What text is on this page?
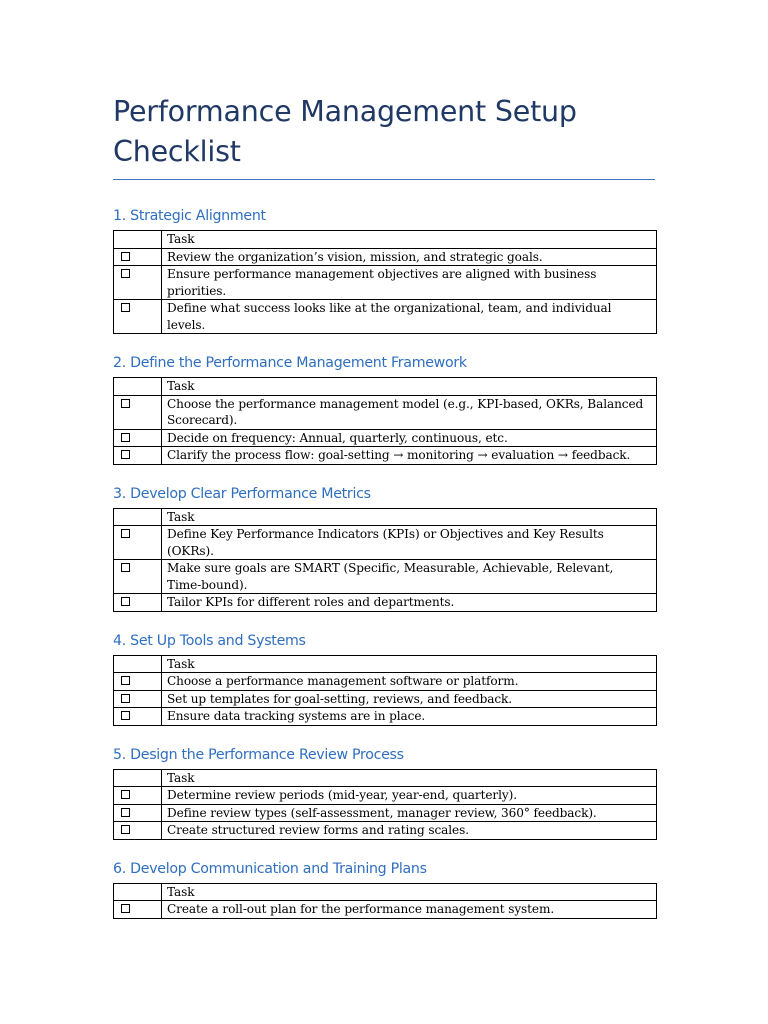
Performance Management Setup Checklist
1. Strategic Alignment
	Task
	Review the organization’s vision, mission, and strategic goals.
	Ensure performance management objectives are aligned with business priorities.
	Define what success looks like at the organizational, team, and individual levels.
2. Define the Performance Management Framework
	Task
	Choose the performance management model (e.g., KPI-based, OKRs, Balanced Scorecard).
	Decide on frequency: Annual, quarterly, continuous, etc.
	Clarify the process flow: goal-setting → monitoring → evaluation → feedback.
3. Develop Clear Performance Metrics
	Task
	Define Key Performance Indicators (KPIs) or Objectives and Key Results (OKRs).
	Make sure goals are SMART (Specific, Measurable, Achievable, Relevant, Time-bound).
	Tailor KPIs for different roles and departments.
4. Set Up Tools and Systems
	Task
	Choose a performance management software or platform.
	Set up templates for goal-setting, reviews, and feedback.
	Ensure data tracking systems are in place.
5. Design the Performance Review Process
	Task
	Determine review periods (mid-year, year-end, quarterly).
	Define review types (self-assessment, manager review, 360° feedback).
	Create structured review forms and rating scales.
6. Develop Communication and Training Plans
	Task
	Create a roll-out plan for the performance management system.
